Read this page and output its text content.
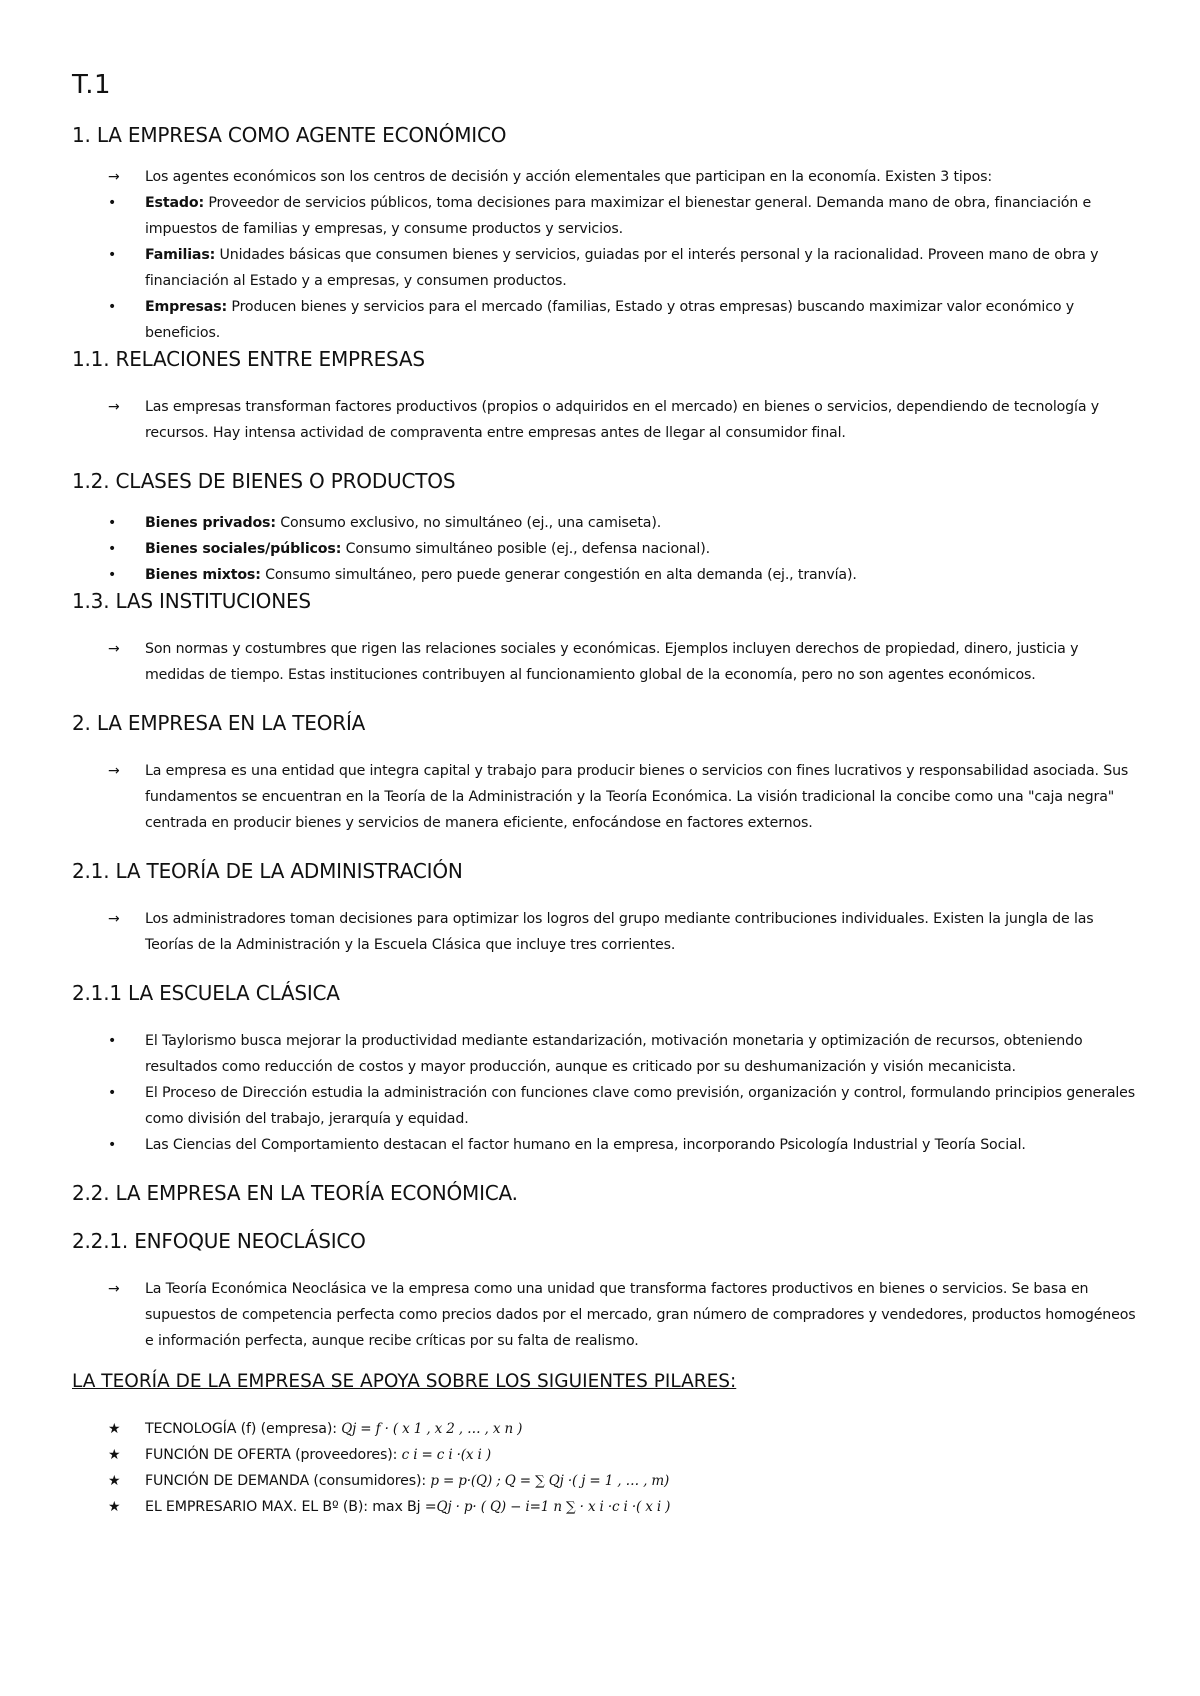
T.1
1. LA EMPRESA COMO AGENTE ECONÓMICO
→	Los agentes económicos son los centros de decisión y acción elementales que participan en la economía. Existen 3 tipos:
•	Estado: Proveedor de servicios públicos, toma decisiones para maximizar el bienestar general. Demanda mano de obra, financiación e impuestos de familias y empresas, y consume productos y servicios.
•	Familias: Unidades básicas que consumen bienes y servicios, guiadas por el interés personal y la racionalidad. Proveen mano de obra y financiación al Estado y a empresas, y consumen productos.
•	Empresas: Producen bienes y servicios para el mercado (familias, Estado y otras empresas) buscando maximizar valor económico y beneficios.
1.1. RELACIONES ENTRE EMPRESAS
→	Las empresas transforman factores productivos (propios o adquiridos en el mercado) en bienes o servicios, dependiendo de tecnología y recursos. Hay intensa actividad de compraventa entre empresas antes de llegar al consumidor final.
1.2. CLASES DE BIENES O PRODUCTOS
•	Bienes privados: Consumo exclusivo, no simultáneo (ej., una camiseta).
•	Bienes sociales/públicos: Consumo simultáneo posible (ej., defensa nacional).
•	Bienes mixtos: Consumo simultáneo, pero puede generar congestión en alta demanda (ej., tranvía).
1.3. LAS INSTITUCIONES
→	Son normas y costumbres que rigen las relaciones sociales y económicas. Ejemplos incluyen derechos de propiedad, dinero, justicia y medidas de tiempo. Estas instituciones contribuyen al funcionamiento global de la economía, pero no son agentes económicos.
2. LA EMPRESA EN LA TEORÍA
→	La empresa es una entidad que integra capital y trabajo para producir bienes o servicios con fines lucrativos y responsabilidad asociada. Sus fundamentos se encuentran en la Teoría de la Administración y la Teoría Económica. La visión tradicional la concibe como una "caja negra" centrada en producir bienes y servicios de manera eficiente, enfocándose en factores externos.
2.1. LA TEORÍA DE LA ADMINISTRACIÓN
→	Los administradores toman decisiones para optimizar los logros del grupo mediante contribuciones individuales. Existen la jungla de las Teorías de la Administración y la Escuela Clásica que incluye tres corrientes.
2.1.1 LA ESCUELA CLÁSICA
•	El Taylorismo busca mejorar la productividad mediante estandarización, motivación monetaria y optimización de recursos, obteniendo resultados como reducción de costos y mayor producción, aunque es criticado por su deshumanización y visión mecanicista.
•	El Proceso de Dirección estudia la administración con funciones clave como previsión, organización y control, formulando principios generales como división del trabajo, jerarquía y equidad.
•	Las Ciencias del Comportamiento destacan el factor humano en la empresa, incorporando Psicología Industrial y Teoría Social.
2.2. LA EMPRESA EN LA TEORÍA ECONÓMICA.
2.2.1. ENFOQUE NEOCLÁSICO
→	La Teoría Económica Neoclásica ve la empresa como una unidad que transforma factores productivos en bienes o servicios. Se basa en supuestos de competencia perfecta como precios dados por el mercado, gran número de compradores y vendedores, productos homogéneos e información perfecta, aunque recibe críticas por su falta de realismo.
LA TEORÍA DE LA EMPRESA SE APOYA SOBRE LOS SIGUIENTES PILARES:
★	TECNOLOGÍA (f) (empresa): Qj = f · ( x 1 , x 2 , … , x n )
★	FUNCIÓN DE OFERTA (proveedores): c i = c i ·(x i )
★	FUNCIÓN DE DEMANDA (consumidores): p = p·(Q) ; Q = ∑ Qj ·( j = 1 , … , m)
★	EL EMPRESARIO MAX. EL Bº (B): max Bj =Qj · p· ( Q) − i=1 n ∑ · x i ·c i ·( x i )
